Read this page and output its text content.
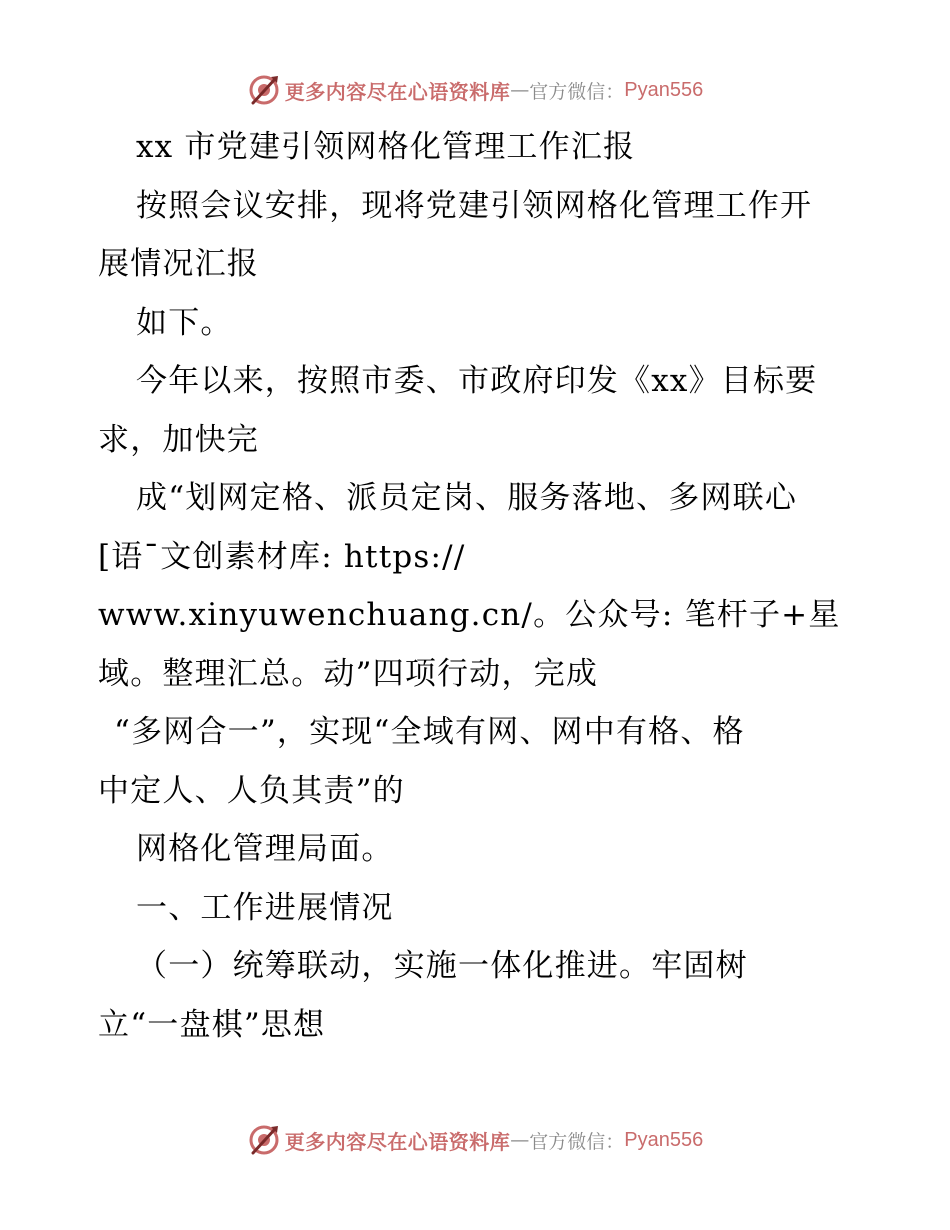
更多内容尽在心语资料库 — 官方微信： Pyan556
xx 市党建引领网格化管理工作汇报
按照会议安排，现将党建引领网格化管理工作开
展情况汇报
如下。
今年以来，按照市委、市政府印发《xx》目标要
求，加快完
成“划网定格、派员定岗、服务落地、多网联心
[语¯文创素材库: https://
www.xinyuwenchuang.cn/。公众号: 笔杆子+星
域。整理汇总。动”四项行动，完成
“多网合一”，实现“全域有网、网中有格、格
中定人、人负其责”的
网格化管理局面。
一、工作进展情况
（一）统筹联动，实施一体化推进。牢固树
立“一盘棋”思想
更多内容尽在心语资料库 — 官方微信： Pyan556
